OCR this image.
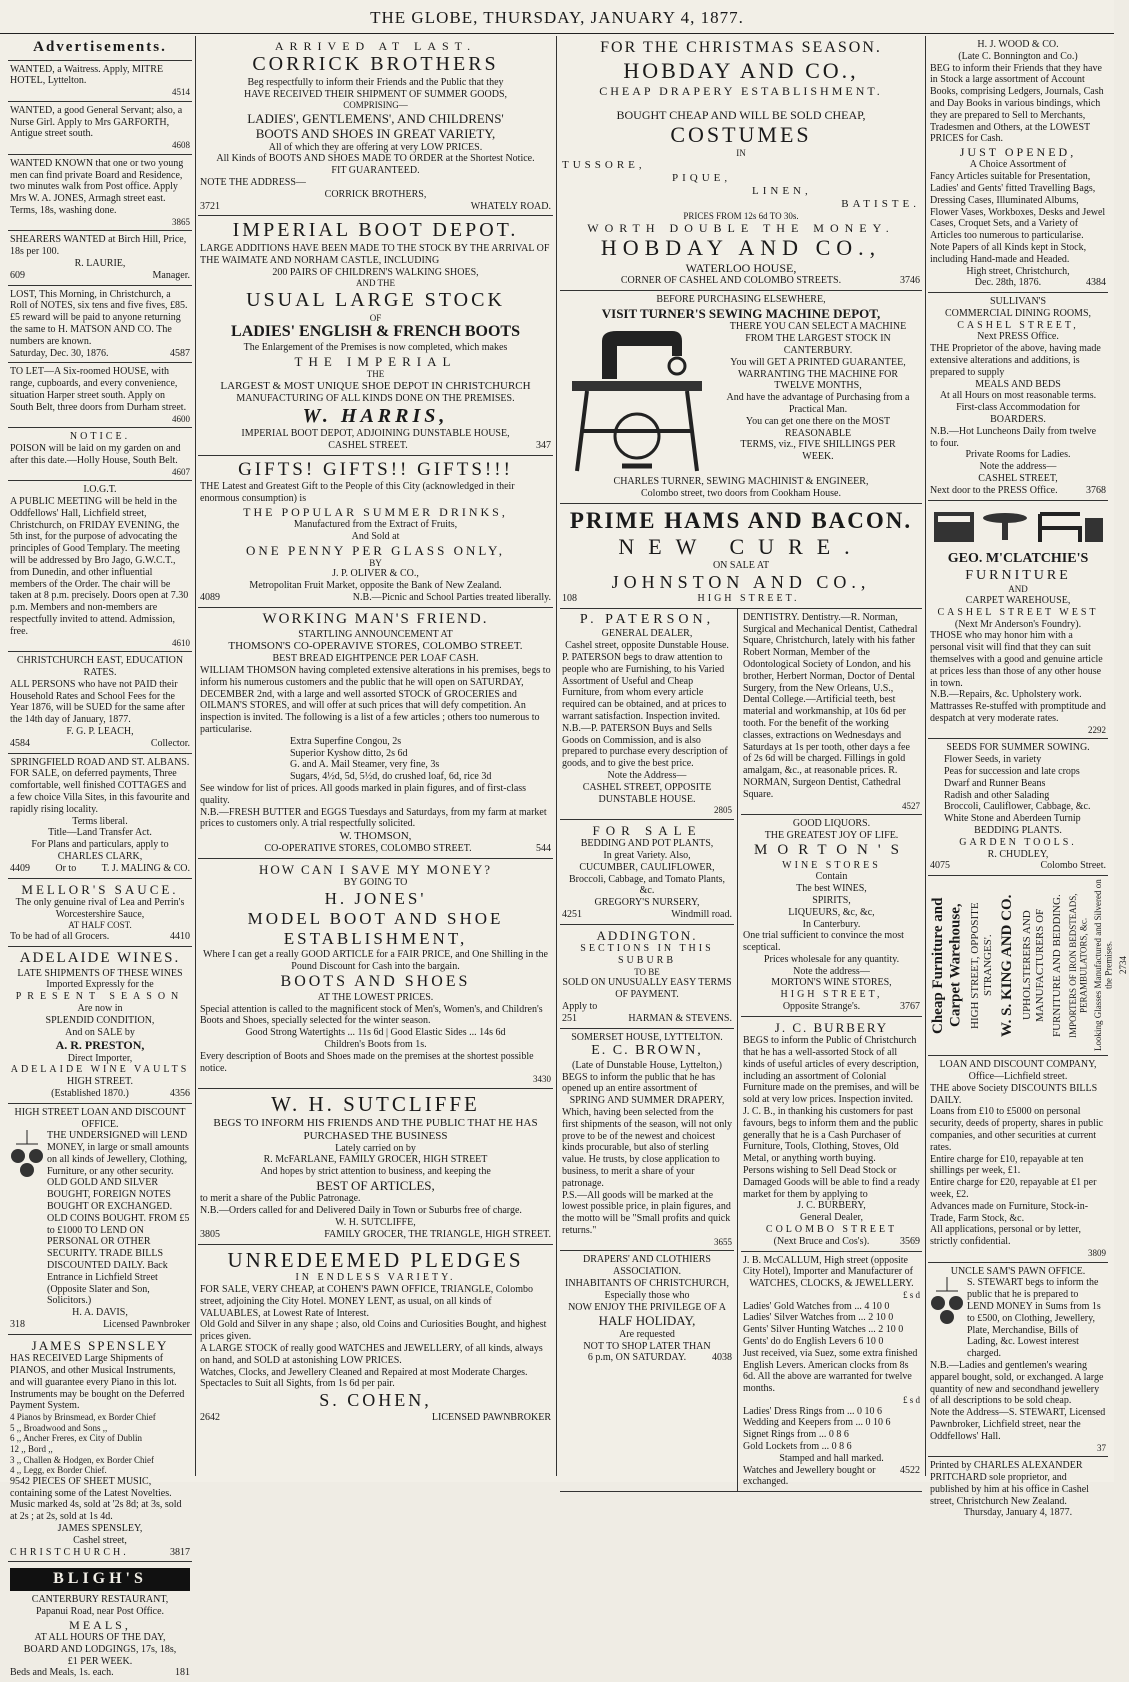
THE GLOBE, THURSDAY, JANUARY 4, 1877.
Advertisements.

WANTED, a Waitress. Apply, MITRE HOTEL, Lyttelton.

4514

WANTED, a good General Servant; also, a Nurse Girl. Apply to Mrs GARFORTH, Antigue street south.

4608

WANTED KNOWN that one or two young men can find private Board and Residence, two minutes walk from Post office. Apply Mrs W. A. JONES, Armagh street east. Terms, 18s, washing done.

3865

SHEARERS WANTED at Birch Hill, Price, 18s per 100.

R. LAURIE,

609	Manager.

LOST, This Morning, in Christchurch, a Roll of NOTES, six tens and five fives, £85. £5 reward will be paid to anyone returning the same to H. MATSON AND CO. The numbers are known.

Saturday, Dec. 30, 1876.	4587

TO LET—A Six-roomed HOUSE, with range, cupboards, and every convenience, situation Harper street south. Apply on South Belt, three doors from Durham street.

4600

NOTICE.

POISON will be laid on my garden on and after this date.—Holly House, South Belt.

4607

I.O.G.T.

A PUBLIC MEETING will be held in the Oddfellows' Hall, Lichfield street, Christchurch, on FRIDAY EVENING, the 5th inst, for the purpose of advocating the principles of Good Templary. The meeting will be addressed by Bro Jago, G.W.C.T., from Dunedin, and other influential members of the Order. The chair will be taken at 8 p.m. precisely. Doors open at 7.30 p.m. Members and non-members are respectfully invited to attend. Admission, free.

4610

CHRISTCHURCH EAST, EDUCATION RATES.

ALL PERSONS who have not PAID their Household Rates and School Fees for the Year 1876, will be SUED for the same after the 14th day of January, 1877.

F. G. P. LEACH,

4584	Collector.

SPRINGFIELD ROAD AND ST. ALBANS.

FOR SALE, on deferred payments, Three comfortable, well finished COTTAGES and a few choice Villa Sites, in this favourite and rapidly rising locality.

Terms liberal.

Title—Land Transfer Act.

For Plans and particulars, apply to

CHARLES CLARK,

4409	Or to	T. J. MALING & CO.

MELLOR'S SAUCE.

The only genuine rival of Lea and Perrin's Worcestershire Sauce,

AT HALF COST.

To be had of all Grocers.	4410

ADELAIDE WINES.

LATE SHIPMENTS OF THESE WINES

Imported Expressly for the

PRESENT SEASON

Are now in

SPLENDID CONDITION,

And on SALE by

A. R. PRESTON,

Direct Importer,

ADELAIDE WINE VAULTS

HIGH STREET.

(Established 1870.)	4356

HIGH STREET LOAN AND DISCOUNT OFFICE.

THE UNDERSIGNED will LEND MONEY, in large or small amounts on all kinds of Jewellery, Clothing, Furniture, or any other security. OLD GOLD AND SILVER BOUGHT, FOREIGN NOTES BOUGHT OR EXCHANGED. OLD COINS BOUGHT. FROM £5 to £1000 TO LEND ON PERSONAL OR OTHER SECURITY. TRADE BILLS DISCOUNTED DAILY. Back Entrance in Lichfield Street (Opposite Slater and Son, Solicitors.)

H. A. DAVIS,

318	Licensed Pawnbroker

JAMES SPENSLEY

HAS RECEIVED Large Shipments of PIANOS, and other Musical Instruments, and will guarantee every Piano in this lot. Instruments may be bought on the Deferred Payment System.

4 Pianos by Brinsmead, ex Border Chief

5 ,, Broadwood and Sons ,,

6 ,, Ancher Freres, ex City of Dublin

12 ,, Bord ,,

3 ,, Challen & Hodgen, ex Border Chief

4 ,, Legg, ex Border Chief.

9542 PIECES OF SHEET MUSIC, containing some of the Latest Novelties. Music marked 4s, sold at '2s 8d; at 3s, sold at 2s ; at 2s, sold at 1s 4d.

JAMES SPENSLEY,

Cashel street,

CHRISTCHURCH.	3817
BLIGH'S

CANTERBURY RESTAURANT,

Papanui Road, near Post Office.

MEALS,

AT ALL HOURS OF THE DAY,

BOARD AND LODGINGS, 17s, 18s,

£1 PER WEEK.

Beds and Meals, 1s. each.	181

ARRIVED AT LAST.

CORRICK BROTHERS

Beg respectfully to inform their Friends and the Public that they

HAVE RECEIVED THEIR SHIPMENT OF SUMMER GOODS,

COMPRISING—

LADIES', GENTLEMENS', AND CHILDRENS'

BOOTS AND SHOES IN GREAT VARIETY,

All of which they are offering at very LOW PRICES.

All Kinds of BOOTS AND SHOES MADE TO ORDER at the Shortest Notice.

FIT GUARANTEED.

NOTE THE ADDRESS—

CORRICK BROTHERS,

3721	WHATELY ROAD.

IMPERIAL BOOT DEPOT.

LARGE ADDITIONS HAVE BEEN MADE TO THE STOCK BY THE ARRIVAL OF THE WAIMATE AND NORHAM CASTLE, INCLUDING

200 PAIRS OF CHILDREN'S WALKING SHOES,

AND THE

USUAL LARGE STOCK

OF

LADIES' ENGLISH & FRENCH BOOTS

The Enlargement of the Premises is now completed, which makes

THE IMPERIAL

THE

LARGEST & MOST UNIQUE SHOE DEPOT IN CHRISTCHURCH

MANUFACTURING OF ALL KINDS DONE ON THE PREMISES.

W. HARRIS,

IMPERIAL BOOT DEPOT, ADJOINING DUNSTABLE HOUSE,

CASHEL STREET.	347

GIFTS! GIFTS!! GIFTS!!!

THE Latest and Greatest Gift to the People of this City (acknowledged in their enormous consumption) is

THE POPULAR SUMMER DRINKS,

Manufactured from the Extract of Fruits,

And Sold at

ONE PENNY PER GLASS ONLY,

BY

J. P. OLIVER & CO.,

Metropolitan Fruit Market, opposite the Bank of New Zealand.

4089	N.B.—Picnic and School Parties treated liberally.

WORKING MAN'S FRIEND.

STARTLING ANNOUNCEMENT AT

THOMSON'S CO-OPERAVIVE STORES, COLOMBO STREET.

BEST BREAD EIGHTPENCE PER LOAF CASH.

WILLIAM THOMSON having completed extensive alterations in his premises, begs to inform his numerous customers and the public that he will open on SATURDAY, DECEMBER 2nd, with a large and well assorted STOCK of GROCERIES and OILMAN'S STORES, and will offer at such prices that will defy competition. An inspection is invited. The following is a list of a few articles ; others too numerous to particularise.

Extra Superfine Congou, 2s

Superior Kyshow ditto, 2s 6d

G. and A. Mail Steamer, very fine, 3s

Sugars, 4½d, 5d, 5½d, do crushed loaf, 6d, rice 3d

See window for list of prices. All goods marked in plain figures, and of first-class quality.

N.B.—FRESH BUTTER and EGGS Tuesdays and Saturdays, from my farm at market prices to customers only. A trial respectfully solicited.

W. THOMSON,

CO-OPERATIVE STORES, COLOMBO STREET.	544

HOW CAN I SAVE MY MONEY?

BY GOING TO

H. JONES'

MODEL BOOT AND SHOE

ESTABLISHMENT,

Where I can get a really GOOD ARTICLE for a FAIR PRICE, and One Shilling in the Pound Discount for Cash into the bargain.

BOOTS AND SHOES

AT THE LOWEST PRICES.

Special attention is called to the magnificent stock of Men's, Women's, and Children's Boots and Shoes, specially selected for the winter season.

Good Strong Watertights ... 11s 6d | Good Elastic Sides ... 14s 6d

Children's Boots from 1s.

Every description of Boots and Shoes made on the premises at the shortest possible notice.

3430

W. H. SUTCLIFFE

BEGS TO INFORM HIS FRIENDS AND THE PUBLIC THAT HE HAS PURCHASED THE BUSINESS

Lately carried on by

R. McFARLANE, FAMILY GROCER, HIGH STREET

And hopes by strict attention to business, and keeping the

BEST OF ARTICLES,

to merit a share of the Public Patronage.

N.B.—Orders called for and Delivered Daily in Town or Suburbs free of charge.

W. H. SUTCLIFFE,

3805	FAMILY GROCER, THE TRIANGLE, HIGH STREET.

UNREDEEMED PLEDGES

IN ENDLESS VARIETY.

FOR SALE, VERY CHEAP, at COHEN'S PAWN OFFICE, TRIANGLE, Colombo street, adjoining the City Hotel. MONEY LENT, as usual, on all kinds of VALUABLES, at Lowest Rate of Interest.

Old Gold and Silver in any shape ; also, old Coins and Curiosities Bought, and highest prices given.

A LARGE STOCK of really good WATCHES and JEWELLERY, of all kinds, always on hand, and SOLD at astonishing LOW PRICES.

Watches, Clocks, and Jewellery Cleaned and Repaired at most Moderate Charges. Spectacles to Suit all Sights, from 1s 6d per pair.

S. COHEN,

2642	LICENSED PAWNBROKER

FOR THE CHRISTMAS SEASON.

HOBDAY AND CO.,

CHEAP DRAPERY ESTABLISHMENT.

BOUGHT CHEAP AND WILL BE SOLD CHEAP,

COSTUMES

IN

TUSSORE,

PIQUE,

LINEN,

BATISTE.

PRICES FROM 12s 6d TO 30s.

WORTH DOUBLE THE MONEY.

HOBDAY AND CO.,

WATERLOO HOUSE,

CORNER OF CASHEL AND COLOMBO STREETS.	3746

BEFORE PURCHASING ELSEWHERE,

VISIT TURNER'S SEWING MACHINE DEPOT,

THERE YOU CAN SELECT A MACHINE

FROM THE LARGEST STOCK IN

CANTERBURY.

You will GET A PRINTED GUARANTEE,

WARRANTING THE MACHINE FOR

TWELVE MONTHS,

And have the advantage of Purchasing from a Practical Man.

You can get one there on the MOST REASONABLE

TERMS, viz., FIVE SHILLINGS PER

WEEK.

CHARLES TURNER, SEWING MACHINIST & ENGINEER,

Colombo street, two doors from Cookham House.

PRIME HAMS AND BACON.

NEW CURE.

ON SALE AT

JOHNSTON AND CO.,

108	HIGH STREET.

P. PATERSON,

GENERAL DEALER,

Cashel street, opposite Dunstable House.

P. PATERSON begs to draw attention to people who are Furnishing, to his Varied Assortment of Useful and Cheap Furniture, from whom every article required can be obtained, and at prices to warrant satisfaction. Inspection invited.

N.B.—P. PATERSON Buys and Sells Goods on Commission, and is also prepared to purchase every description of goods, and to give the best price.

Note the Address—

CASHEL STREET, OPPOSITE DUNSTABLE HOUSE.

2805

FOR SALE

BEDDING AND POT PLANTS,

In great Variety. Also,

CUCUMBER, CAULIFLOWER,

Broccoli, Cabbage, and Tomato Plants, &c.

GREGORY'S NURSERY,

4251	Windmill road.

ADDINGTON.

SECTIONS IN THIS SUBURB

TO BE

SOLD ON UNUSUALLY EASY TERMS

OF PAYMENT.

Apply to

251	HARMAN & STEVENS.

SOMERSET HOUSE, LYTTELTON.

E. C. BROWN,

(Late of Dunstable House, Lyttelton,)

BEGS to inform the public that he has opened up an entire assortment of

SPRING AND SUMMER DRAPERY,

Which, having been selected from the first shipments of the season, will not only prove to be of the newest and choicest kinds procurable, but also of sterling value. He trusts, by close application to business, to merit a share of your patronage.

P.S.—All goods will be marked at the lowest possible price, in plain figures, and the motto will be "Small profits and quick returns."

3655

DRAPERS' AND CLOTHIERS ASSOCIATION.

INHABITANTS OF CHRISTCHURCH,

Especially those who

NOW ENJOY THE PRIVILEGE OF A

HALF HOLIDAY,

Are requested

NOT TO SHOP LATER THAN

6 p.m, ON SATURDAY.	4038

DENTISTRY. Dentistry.—R. Norman, Surgical and Mechanical Dentist, Cathedral Square, Christchurch, lately with his father Robert Norman, Member of the Odontological Society of London, and his brother, Herbert Norman, Doctor of Dental Surgery, from the New Orleans, U.S., Dental College.—Artificial teeth, best material and workmanship, at 10s 6d per tooth. For the benefit of the working classes, extractions on Wednesdays and Saturdays at 1s per tooth, other days a fee of 2s 6d will be charged. Fillings in gold amalgam, &c., at reasonable prices. R. NORMAN, Surgeon Dentist, Cathedral Square.

4527

GOOD LIQUORS.

THE GREATEST JOY OF LIFE.

MORTON'S

WINE STORES

Contain

The best WINES,

SPIRITS,

LIQUEURS, &c, &c,

In Canterbury.

One trial sufficient to convince the most sceptical.

Prices wholesale for any quantity.

Note the address—

MORTON'S WINE STORES,

HIGH STREET,

Opposite Strange's.	3767

J. C. BURBERY

BEGS to inform the Public of Christchurch that he has a well-assorted Stock of all kinds of useful articles of every description, including an assortment of Colonial Furniture made on the premises, and will be sold at very low prices. Inspection invited.

J. C. B., in thanking his customers for past favours, begs to inform them and the public generally that he is a Cash Purchaser of Furniture, Tools, Clothing, Stoves, Old Metal, or anything worth buying.

Persons wishing to Sell Dead Stock or Damaged Goods will be able to find a ready market for them by applying to

J. C. BURBERY,

General Dealer,

COLOMBO STREET

(Next Bruce and Cos's).	3569

J. B. McCALLUM, High street (opposite City Hotel), Importer and Manufacturer of

WATCHES, CLOCKS, & JEWELLERY.

£ s d

Ladies' Gold Watches from ... 4 10 0

Ladies' Silver Watches from ... 2 10 0

Gents' Silver Hunting Watches ... 2 10 0

Gents' do do English Levers 6 10 0

Just received, via Suez, some extra finished English Levers. American clocks from 8s 6d. All the above are warranted for twelve months.

£ s d

Ladies' Dress Rings from ... 0 10 6

Wedding and Keepers from ... 0 10 6

Signet Rings from ... 0 8 6

Gold Lockets from ... 0 8 6

Stamped and hall marked.

Watches and Jewellery bought or exchanged.
4522

H. J. WOOD & CO.

(Late C. Bonnington and Co.)

BEG to inform their Friends that they have in Stock a large assortment of Account Books, comprising Ledgers, Journals, Cash and Day Books in various bindings, which they are prepared to Sell to Merchants, Tradesmen and Others, at the LOWEST PRICES for Cash.

JUST OPENED,

A Choice Assortment of

Fancy Articles suitable for Presentation, Ladies' and Gents' fitted Travelling Bags, Dressing Cases, Illuminated Albums, Flower Vases, Workboxes, Desks and Jewel Cases, Croquet Sets, and a Variety of Articles too numerous to particularise.

Note Papers of all Kinds kept in Stock, including Hand-made and Headed.

High street, Christchurch,

Dec. 28th, 1876.	4384

SULLIVAN'S

COMMERCIAL DINING ROOMS,

CASHEL STREET,

Next PRESS Office.

THE Proprietor of the above, having made extensive alterations and additions, is prepared to supply

MEALS AND BEDS

At all Hours on most reasonable terms.

First-class Accommodation for BOARDERS.

N.B.—Hot Luncheons Daily from twelve to four.

Private Rooms for Ladies.

Note the address—

CASHEL STREET,

Next door to the PRESS Office.	3768

GEO. M'CLATCHIE'S

FURNITURE

AND

CARPET WAREHOUSE,

CASHEL STREET WEST

(Next Mr Anderson's Foundry).

THOSE who may honor him with a personal visit will find that they can suit themselves with a good and genuine article at prices less than those of any other house in town.

N.B.—Repairs, &c. Upholstery work. Mattrasses Re-stuffed with promptitude and despatch at very moderate rates.

2292

SEEDS FOR SUMMER SOWING.

Flower Seeds, in variety

Peas for succession and late crops

Dwarf and Runner Beans

Radish and other Salading

Broccoli, Cauliflower, Cabbage, &c.

White Stone and Aberdeen Turnip

BEDDING PLANTS.

GARDEN TOOLS.

R. CHUDLEY,

4075	Colombo Street.
Cheap Furniture and Carpet Warehouse, HIGH STREET, OPPOSITE STRANGES'. W. S. KING AND CO. UPHOLSTERERS AND MANUFACTURERS OF FURNITURE AND BEDDING. IMPORTERS OF IRON BEDSTEADS, PERAMBULATORS, &c. Looking Glasses Manufactured and Silvered on the Premises. 2734

LOAN AND DISCOUNT COMPANY,

Office—Lichfield street.

THE above Society DISCOUNTS BILLS DAILY.

Loans from £10 to £5000 on personal security, deeds of property, shares in public companies, and other securities at current rates.

Entire charge for £10, repayable at ten shillings per week, £1.

Entire charge for £20, repayable at £1 per week, £2.

Advances made on Furniture, Stock-in-Trade, Farm Stock, &c.

All applications, personal or by letter, strictly confidential.

3809

UNCLE SAM'S PAWN OFFICE.

S. STEWART begs to inform the public that he is prepared to LEND MONEY in Sums from 1s to £500, on Clothing, Jewellery, Plate, Merchandise, Bills of Lading, &c. Lowest interest charged.

N.B.—Ladies and gentlemen's wearing apparel bought, sold, or exchanged. A large quantity of new and secondhand jewellery of all descriptions to be sold cheap.

Note the Address—S. STEWART, Licensed Pawnbroker, Lichfield street, near the Oddfellows' Hall.

37

Printed by CHARLES ALEXANDER PRITCHARD sole proprietor, and published by him at his office in Cashel street, Christchurch New Zealand.

Thursday, January 4, 1877.
